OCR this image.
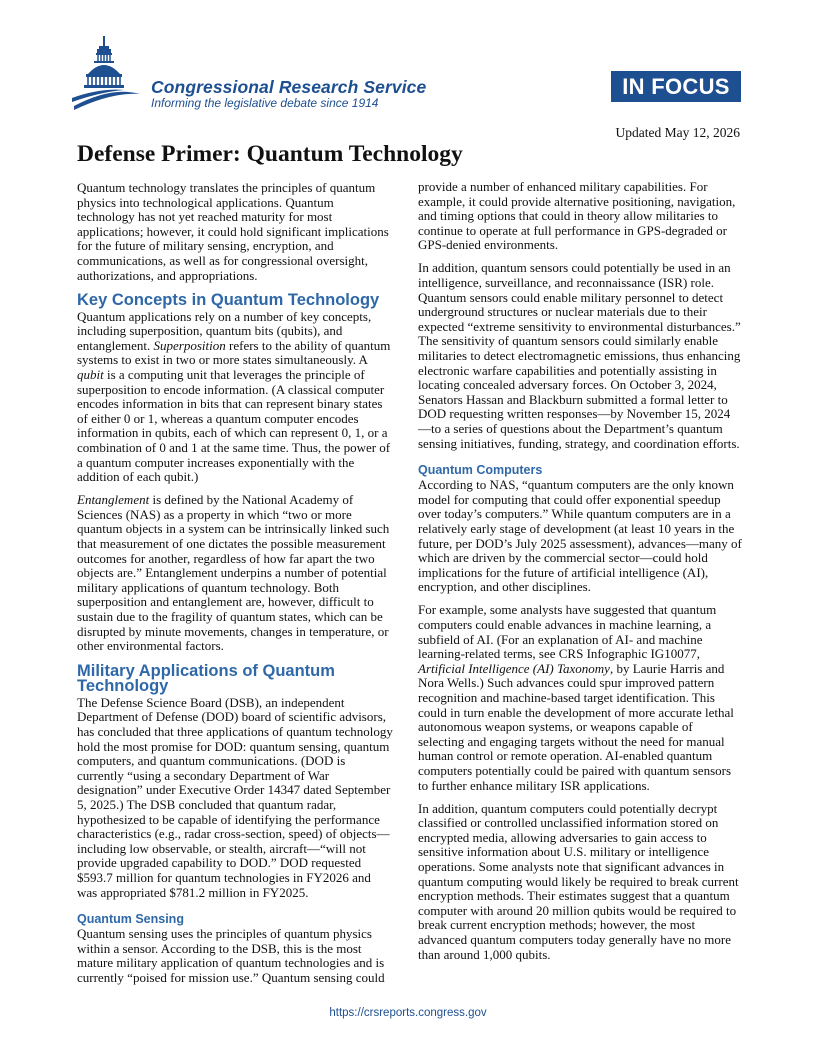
Congressional Research Service
Informing the legislative debate since 1914
IN FOCUS
Updated May 12, 2026
Defense Primer: Quantum Technology

Quantum technology translates the principles of quantum physics into technological applications. Quantum technology has not yet reached maturity for most applications; however, it could hold significant implications for the future of military sensing, encryption, and communications, as well as for congressional oversight, authorizations, and appropriations.

Key Concepts in Quantum Technology

Quantum applications rely on a number of key concepts, including superposition, quantum bits (qubits), and entanglement. Superposition refers to the ability of quantum systems to exist in two or more states simultaneously. A qubit is a computing unit that leverages the principle of superposition to encode information. (A classical computer encodes information in bits that can represent binary states of either 0 or 1, whereas a quantum computer encodes information in qubits, each of which can represent 0, 1, or a combination of 0 and 1 at the same time. Thus, the power of a quantum computer increases exponentially with the addition of each qubit.)

Entanglement is defined by the National Academy of Sciences (NAS) as a property in which “two or more quantum objects in a system can be intrinsically linked such that measurement of one dictates the possible measurement outcomes for another, regardless of how far apart the two objects are.” Entanglement underpins a number of potential military applications of quantum technology. Both superposition and entanglement are, however, difficult to sustain due to the fragility of quantum states, which can be disrupted by minute movements, changes in temperature, or other environmental factors.

Military Applications of Quantum Technology

The Defense Science Board (DSB), an independent Department of Defense (DOD) board of scientific advisors, has concluded that three applications of quantum technology hold the most promise for DOD: quantum sensing, quantum computers, and quantum communications. (DOD is currently “using a secondary Department of War designation” under Executive Order 14347 dated September 5, 2025.) The DSB concluded that quantum radar, hypothesized to be capable of identifying the performance characteristics (e.g., radar cross-section, speed) of objects—including low observable, or stealth, aircraft—“will not provide upgraded capability to DOD.” DOD requested $593.7 million for quantum technologies in FY2026 and was appropriated $781.2 million in FY2025.

Quantum Sensing

Quantum sensing uses the principles of quantum physics within a sensor. According to the DSB, this is the most mature military application of quantum technologies and is currently “poised for mission use.” Quantum sensing could

provide a number of enhanced military capabilities. For example, it could provide alternative positioning, navigation, and timing options that could in theory allow militaries to continue to operate at full performance in GPS-degraded or GPS-denied environments.

In addition, quantum sensors could potentially be used in an intelligence, surveillance, and reconnaissance (ISR) role. Quantum sensors could enable military personnel to detect underground structures or nuclear materials due to their expected “extreme sensitivity to environmental disturbances.” The sensitivity of quantum sensors could similarly enable militaries to detect electromagnetic emissions, thus enhancing electronic warfare capabilities and potentially assisting in locating concealed adversary forces. On October 3, 2024, Senators Hassan and Blackburn submitted a formal letter to DOD requesting written responses—by November 15, 2024—to a series of questions about the Department’s quantum sensing initiatives, funding, strategy, and coordination efforts.

Quantum Computers

According to NAS, “quantum computers are the only known model for computing that could offer exponential speedup over today’s computers.” While quantum computers are in a relatively early stage of development (at least 10 years in the future, per DOD’s July 2025 assessment), advances—many of which are driven by the commercial sector—could hold implications for the future of artificial intelligence (AI), encryption, and other disciplines.

For example, some analysts have suggested that quantum computers could enable advances in machine learning, a subfield of AI. (For an explanation of AI- and machine learning-related terms, see CRS Infographic IG10077, Artificial Intelligence (AI) Taxonomy, by Laurie Harris and Nora Wells.) Such advances could spur improved pattern recognition and machine-based target identification. This could in turn enable the development of more accurate lethal autonomous weapon systems, or weapons capable of selecting and engaging targets without the need for manual human control or remote operation. AI-enabled quantum computers potentially could be paired with quantum sensors to further enhance military ISR applications.

In addition, quantum computers could potentially decrypt classified or controlled unclassified information stored on encrypted media, allowing adversaries to gain access to sensitive information about U.S. military or intelligence operations. Some analysts note that significant advances in quantum computing would likely be required to break current encryption methods. Their estimates suggest that a quantum computer with around 20 million qubits would be required to break current encryption methods; however, the most advanced quantum computers today generally have no more than around 1,000 qubits.

https://crsreports.congress.gov
